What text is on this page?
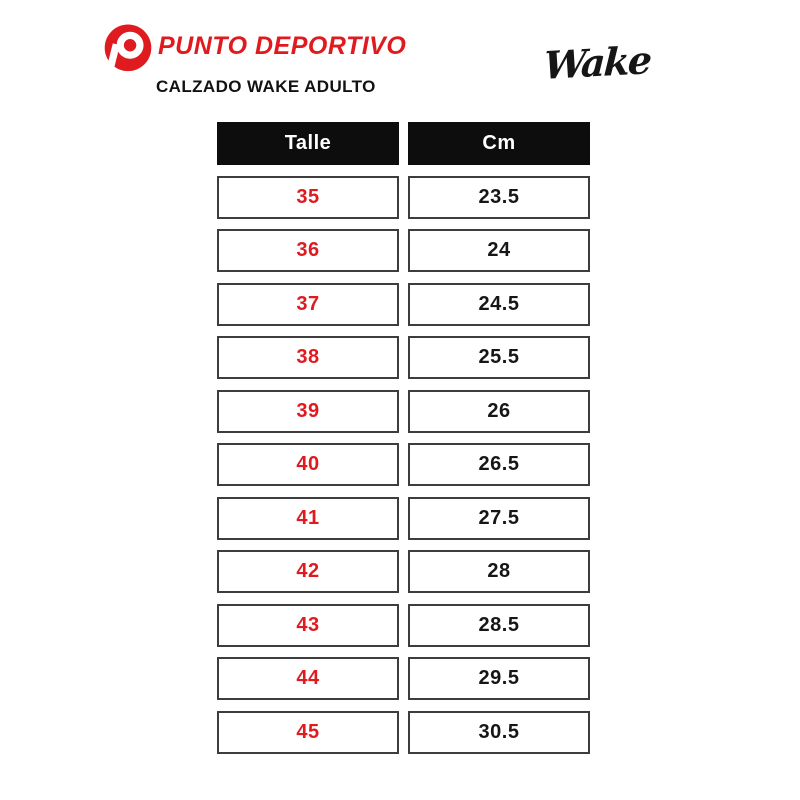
PUNTO DEPORTIVO
CALZADO WAKE ADULTO	Wake
Talle	Cm
35	23.5
36	24
37	24.5
38	25.5
39	26
40	26.5
41	27.5
42	28
43	28.5
44	29.5
45	30.5
